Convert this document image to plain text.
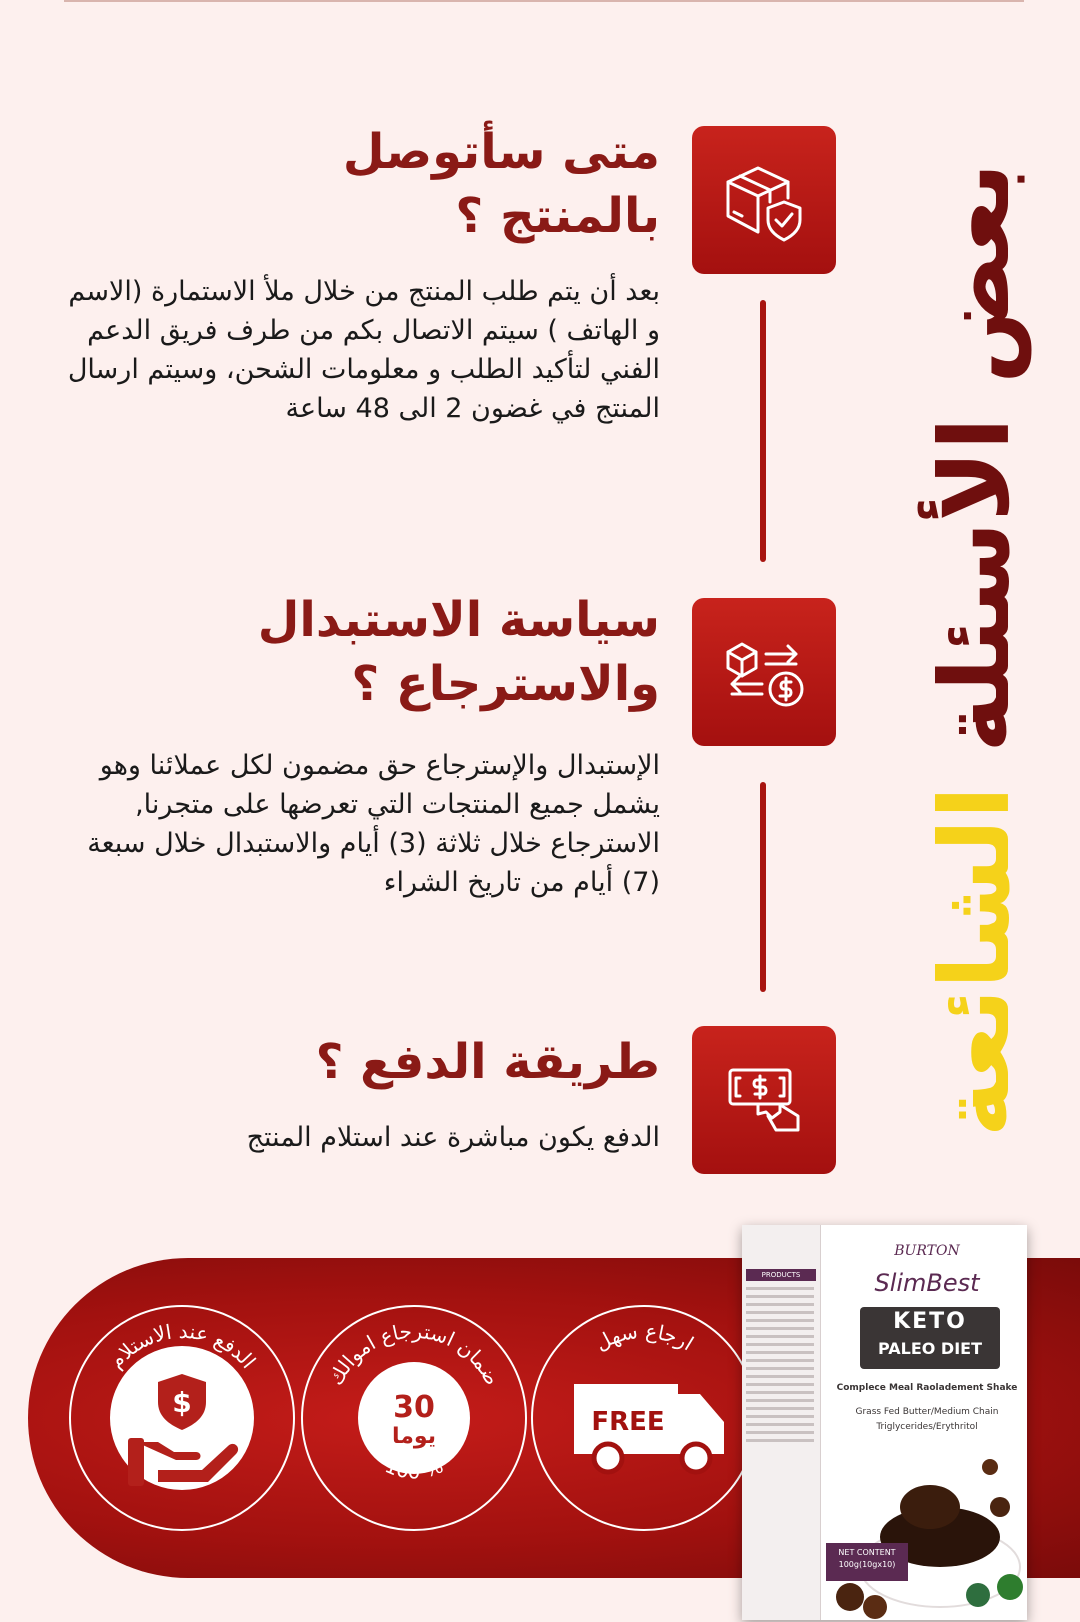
بعض الأسئلة الشائعة
متى سأتوصل
بالمنتج ؟
بعد أن يتم طلب المنتج من خلال ملأ الاستمارة (الاسم و الهاتف ) سيتم الاتصال بكم من طرف فريق الدعم الفني لتأكيد الطلب و معلومات الشحن، وسيتم ارسال المنتج في غضون 2 الى 48 ساعة
سياسة الاستبدال
والاسترجاع ؟
الإستبدال والإسترجاع حق مضمون لكل عملائنا وهو يشمل جميع المنتجات التي تعرضها على متجرنا, الاسترجاع خلال ثلاثة (3) أيام والاستبدال خلال سبعة (7) أيام من تاريخ الشراء
طريقة الدفع ؟
الدفع يكون مباشرة عند استلام المنتج
الدفع عند الاستلام
$
ضمان استرجاع اموالك
100 %
30
يوما
ارجاع سهل
FREE
PRODUCTS
BURTON
SlimBest
KETO
PALEO DIET
Complece Meal Raoladement Shake
Grass Fed Butter/Medium Chain Triglycerides/Erythritol
NET CONTENT
100g(10gx10)
